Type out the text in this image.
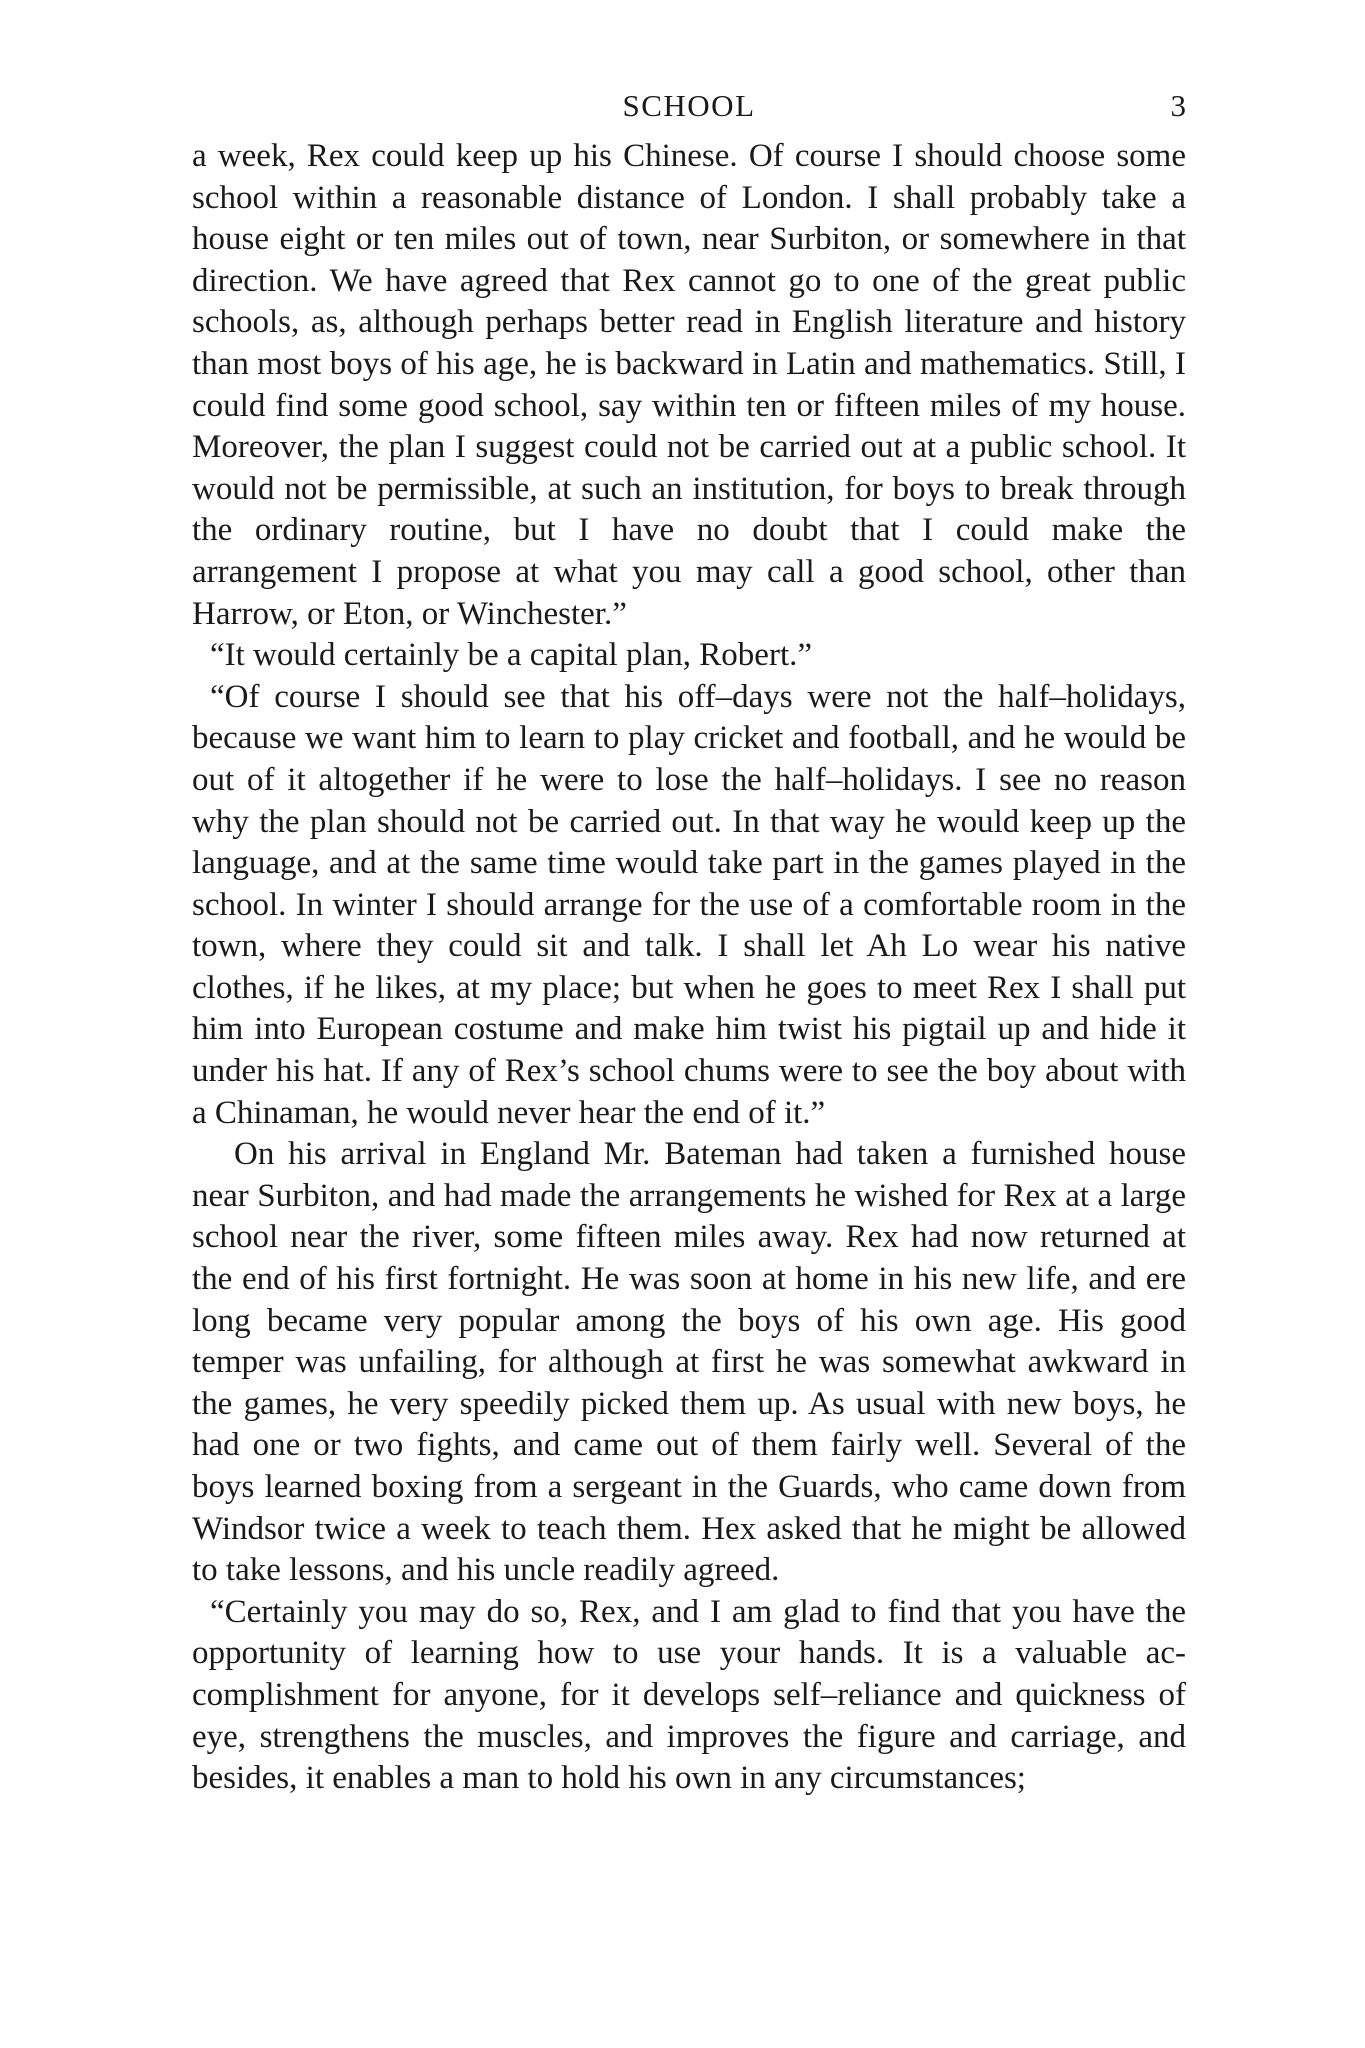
SCHOOL	3

a week, Rex could keep up his Chinese. Of course I should choose some school within a reasonable distance of London. I shall probably take a house eight or ten miles out of town, near Surbiton, or somewhere in that direction. We have agreed that Rex cannot go to one of the great public schools, as, although perhaps better read in English literature and history than most boys of his age, he is backward in Latin and mathematics. Still, I could find some good school, say within ten or fifteen miles of my house. Moreover, the plan I suggest could not be carried out at a public school. It would not be permissible, at such an institution, for boys to break through the ordinary routine, but I have no doubt that I could make the arrangement I propose at what you may call a good school, other than Harrow, or Eton, or Winchester.”

“It would certainly be a capital plan, Robert.”

“Of course I should see that his off–days were not the half–holidays, because we want him to learn to play cricket and football, and he would be out of it altogether if he were to lose the half–holidays. I see no reason why the plan should not be carried out. In that way he would keep up the language, and at the same time would take part in the games played in the school. In winter I should arrange for the use of a comfortable room in the town, where they could sit and talk. I shall let Ah Lo wear his native clothes, if he likes, at my place; but when he goes to meet Rex I shall put him into European costume and make him twist his pigtail up and hide it under his hat. If any of Rex’s school chums were to see the boy about with a Chinaman, he would never hear the end of it.”

On his arrival in England Mr. Bateman had taken a furnished house near Surbiton, and had made the arrangements he wished for Rex at a large school near the river, some fifteen miles away. Rex had now returned at the end of his first fortnight. He was soon at home in his new life, and ere long became very popular among the boys of his own age. His good temper was unfailing, for although at first he was somewhat awkward in the games, he very speedily picked them up. As usual with new boys, he had one or two fights, and came out of them fairly well. Several of the boys learned boxing from a sergeant in the Guards, who came down from Windsor twice a week to teach them. Hex asked that he might be allowed to take lessons, and his uncle readily agreed.

“Certainly you may do so, Rex, and I am glad to find that you have the opportunity of learning how to use your hands. It is a valuable accomplishment for anyone, for it develops self–reliance and quickness of eye, strengthens the muscles, and improves the figure and carriage, and besides, it enables a man to hold his own in any circumstances;
